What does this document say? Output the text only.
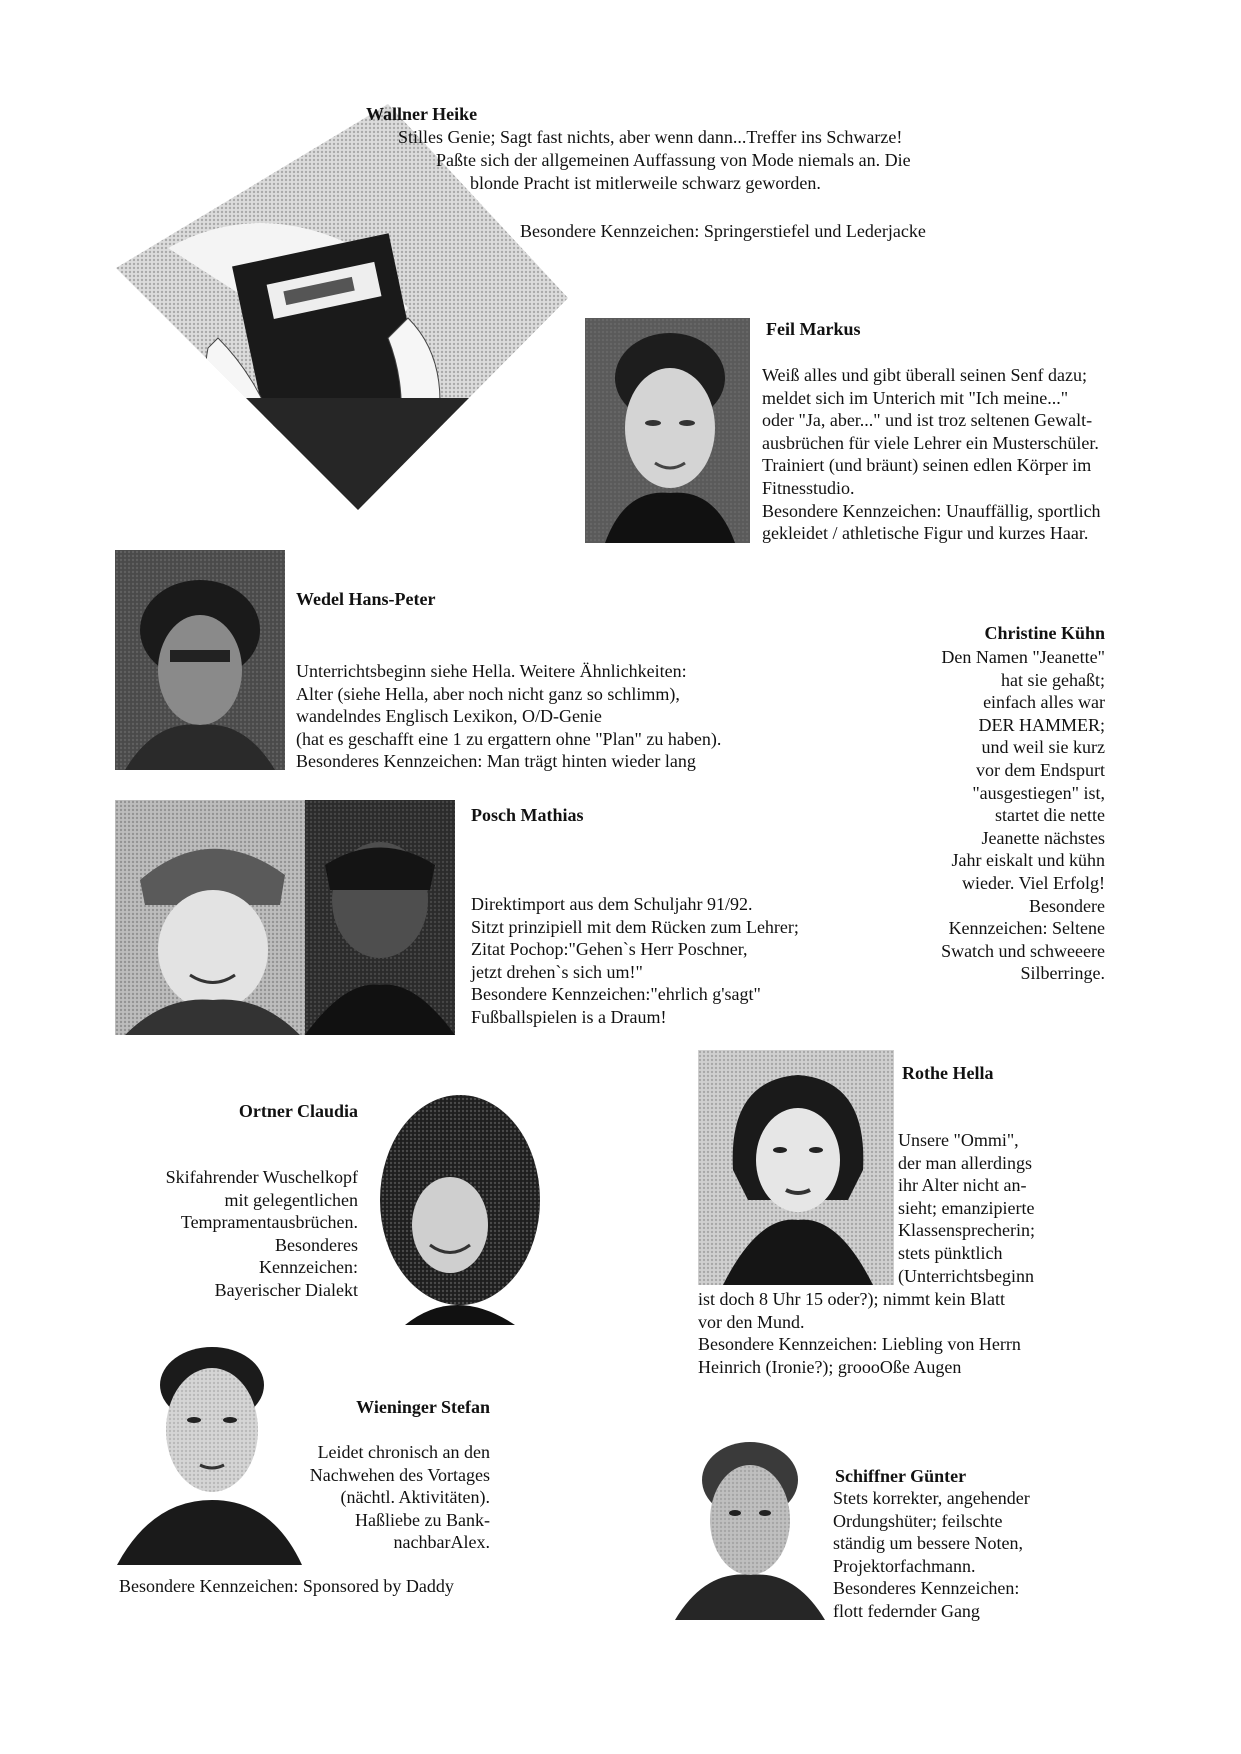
Wallner Heike
Stilles Genie; Sagt fast nichts, aber wenn dann...Treffer ins Schwarze!
Paßte sich der allgemeinen Auffassung von Mode niemals an. Die
blonde Pracht ist mitlerweile schwarz geworden.
Besondere Kennzeichen: Springerstiefel und Lederjacke
Feil Markus
Weiß alles und gibt überall seinen Senf dazu;
meldet sich im Unterich mit "Ich meine..."
oder "Ja, aber..." und ist troz seltenen Gewalt-
ausbrüchen für viele Lehrer ein Musterschüler.
Trainiert (und bräunt) seinen edlen Körper im
Fitnesstudio.
Besondere Kennzeichen: Unauffällig, sportlich
gekleidet / athletische Figur und kurzes Haar.
Wedel Hans-Peter
Unterrichtsbeginn siehe Hella. Weitere Ähnlichkeiten:
Alter (siehe Hella, aber noch nicht ganz so schlimm),
wandelndes Englisch Lexikon, O/D-Genie
(hat es geschafft eine 1 zu ergattern ohne "Plan" zu haben).
Besonderes Kennzeichen: Man trägt hinten wieder lang
Christine Kühn
Den Namen "Jeanette"
hat sie gehaßt;
einfach alles war
DER HAMMER;
und weil sie kurz
vor dem Endspurt
"ausgestiegen" ist,
startet die nette
Jeanette nächstes
Jahr eiskalt und kühn
wieder. Viel Erfolg!
Besondere
Kennzeichen: Seltene
Swatch und schweeere
Silberringe.
Posch Mathias
Direktimport aus dem Schuljahr 91/92.
Sitzt prinzipiell mit dem Rücken zum Lehrer;
Zitat Pochop:"Gehen`s Herr Poschner,
jetzt drehen`s sich um!"
Besondere Kennzeichen:"ehrlich g'sagt"
Fußballspielen is a Draum!
Ortner Claudia
Skifahrender Wuschelkopf
mit gelegentlichen
Tempramentausbrüchen.
Besonderes
Kennzeichen:
Bayerischer Dialekt
Rothe Hella
Unsere "Ommi",
der man allerdings
ihr Alter nicht an-
sieht; emanzipierte
Klassensprecherin;
stets pünktlich
(Unterrichtsbeginn
ist doch 8 Uhr 15 oder?); nimmt kein Blatt
vor den Mund.
Besondere Kennzeichen: Liebling von Herrn
Heinrich (Ironie?); groooOße Augen
Wieninger Stefan
Leidet chronisch an den
Nachwehen des Vortages
(nächtl. Aktivitäten).
Haßliebe zu Bank-
nachbarAlex.
Besondere Kennzeichen: Sponsored by Daddy
Schiffner Günter
Stets korrekter, angehender
Ordungshüter; feilschte
ständig um bessere Noten,
Projektorfachmann.
Besonderes Kennzeichen:
flott federnder Gang
